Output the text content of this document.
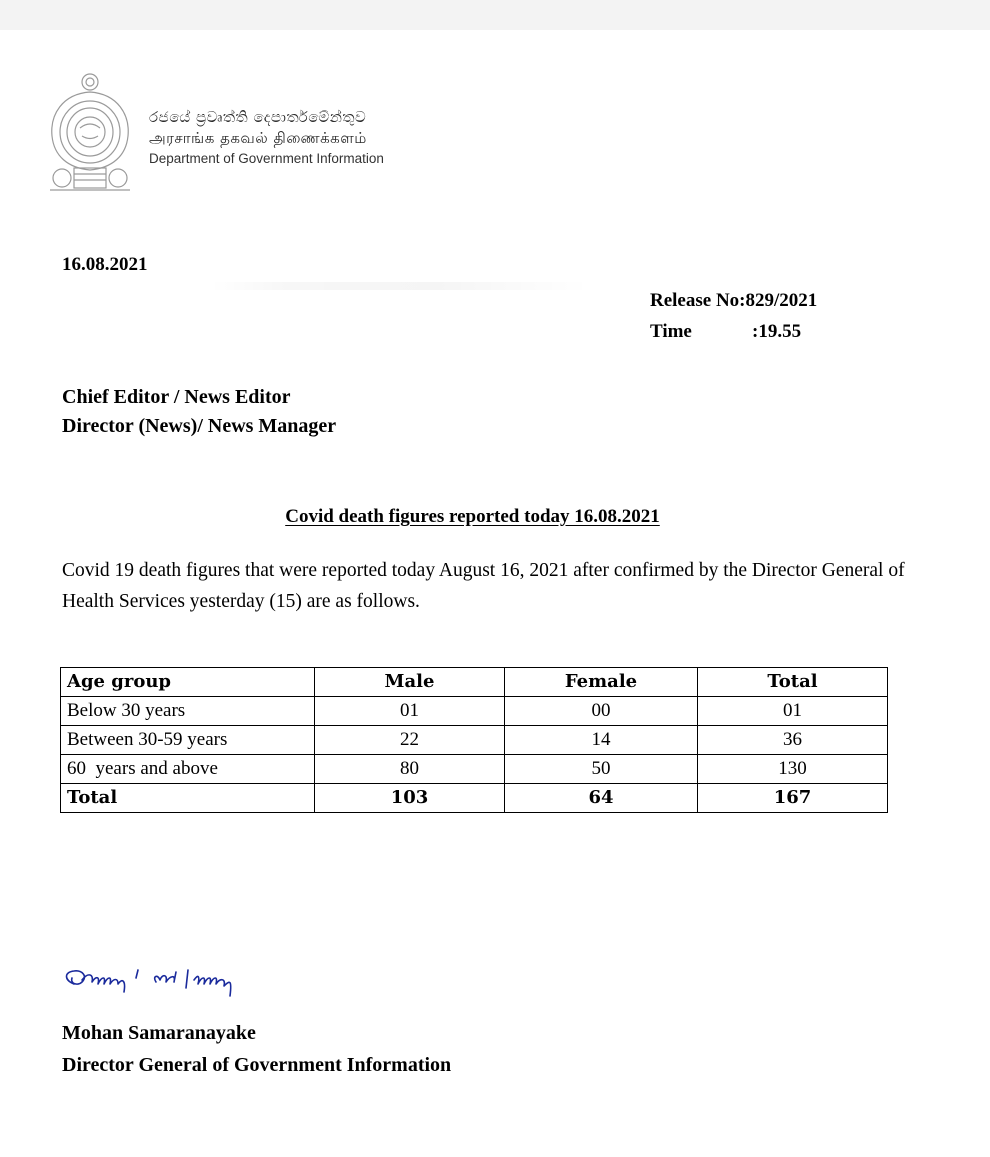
රජයේ ප්‍රවෘත්ති දෙපාර්තමේන්තුව
அரசாங்க தகவல் திணைக்களம்
Department of Government Information
16.08.2021
Release No:829/2021
Time	:19.55
Chief Editor / News Editor
Director (News)/ News Manager
Covid death figures reported today 16.08.2021
Covid 19 death figures that were reported today August 16, 2021 after confirmed by the Director General of Health Services yesterday (15) are as follows.
Age group	Male	Female	Total
Below 30 years	01	00	01
Between 30-59 years	22	14	36
60  years and above	80	50	130
Total	103	64	167
Mohan Samaranayake
Director General of Government Information
